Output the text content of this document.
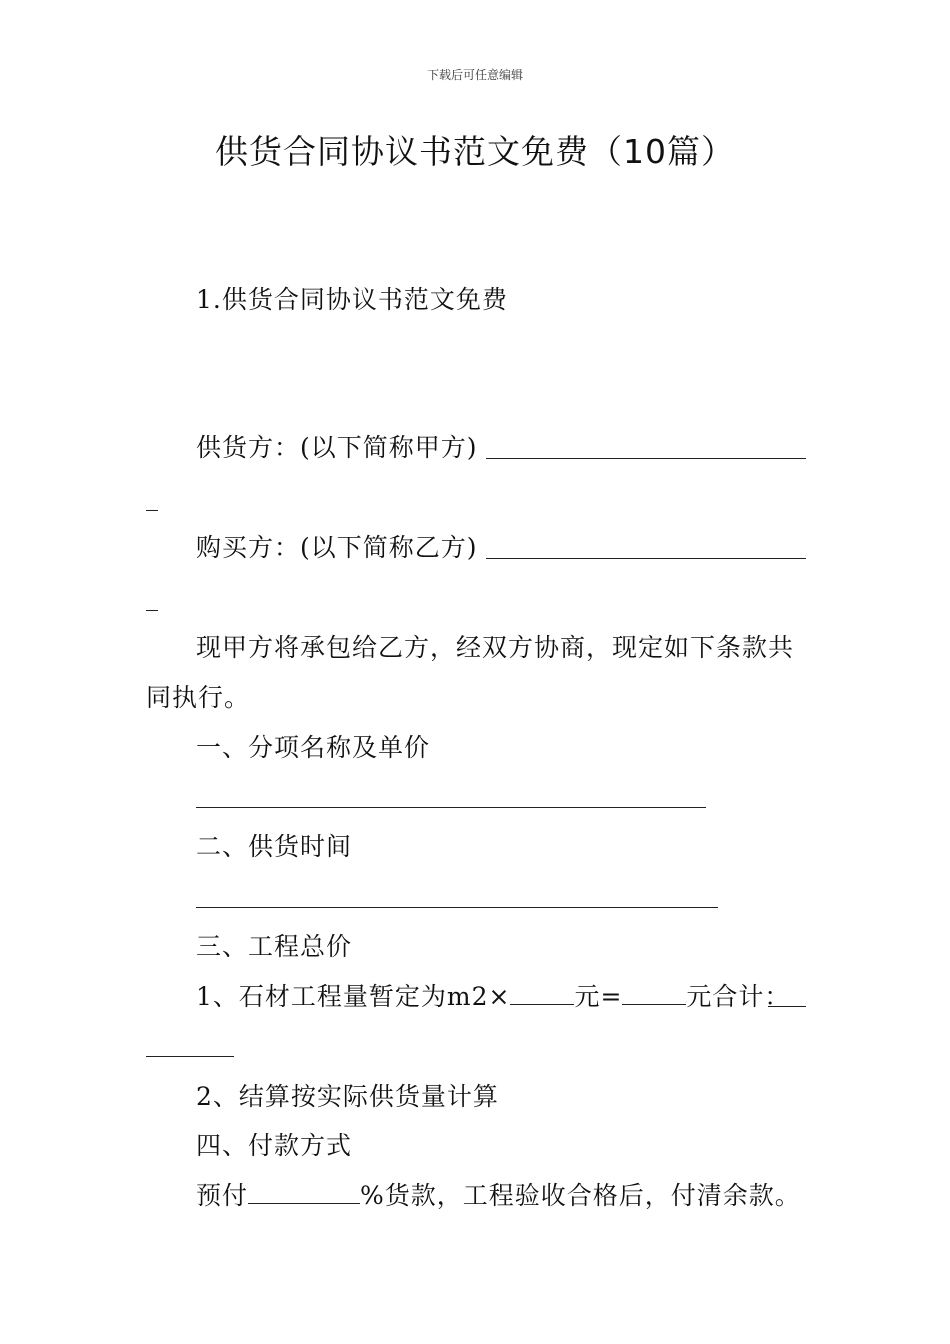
下载后可任意编辑
供货合同协议书范文免费（10篇）
1.供货合同协议书范文免费
供货方：(以下简称甲方)
购买方：(以下简称乙方)
现甲方将承包给乙方，经双方协商，现定如下条款共
同执行。
一、分项名称及单价
二、供货时间
三、工程总价
1、石材工程量暂定为m2×	元=	元合计：
2、结算按实际供货量计算
四、付款方式
预付	%货款，工程验收合格后，付清余款。
